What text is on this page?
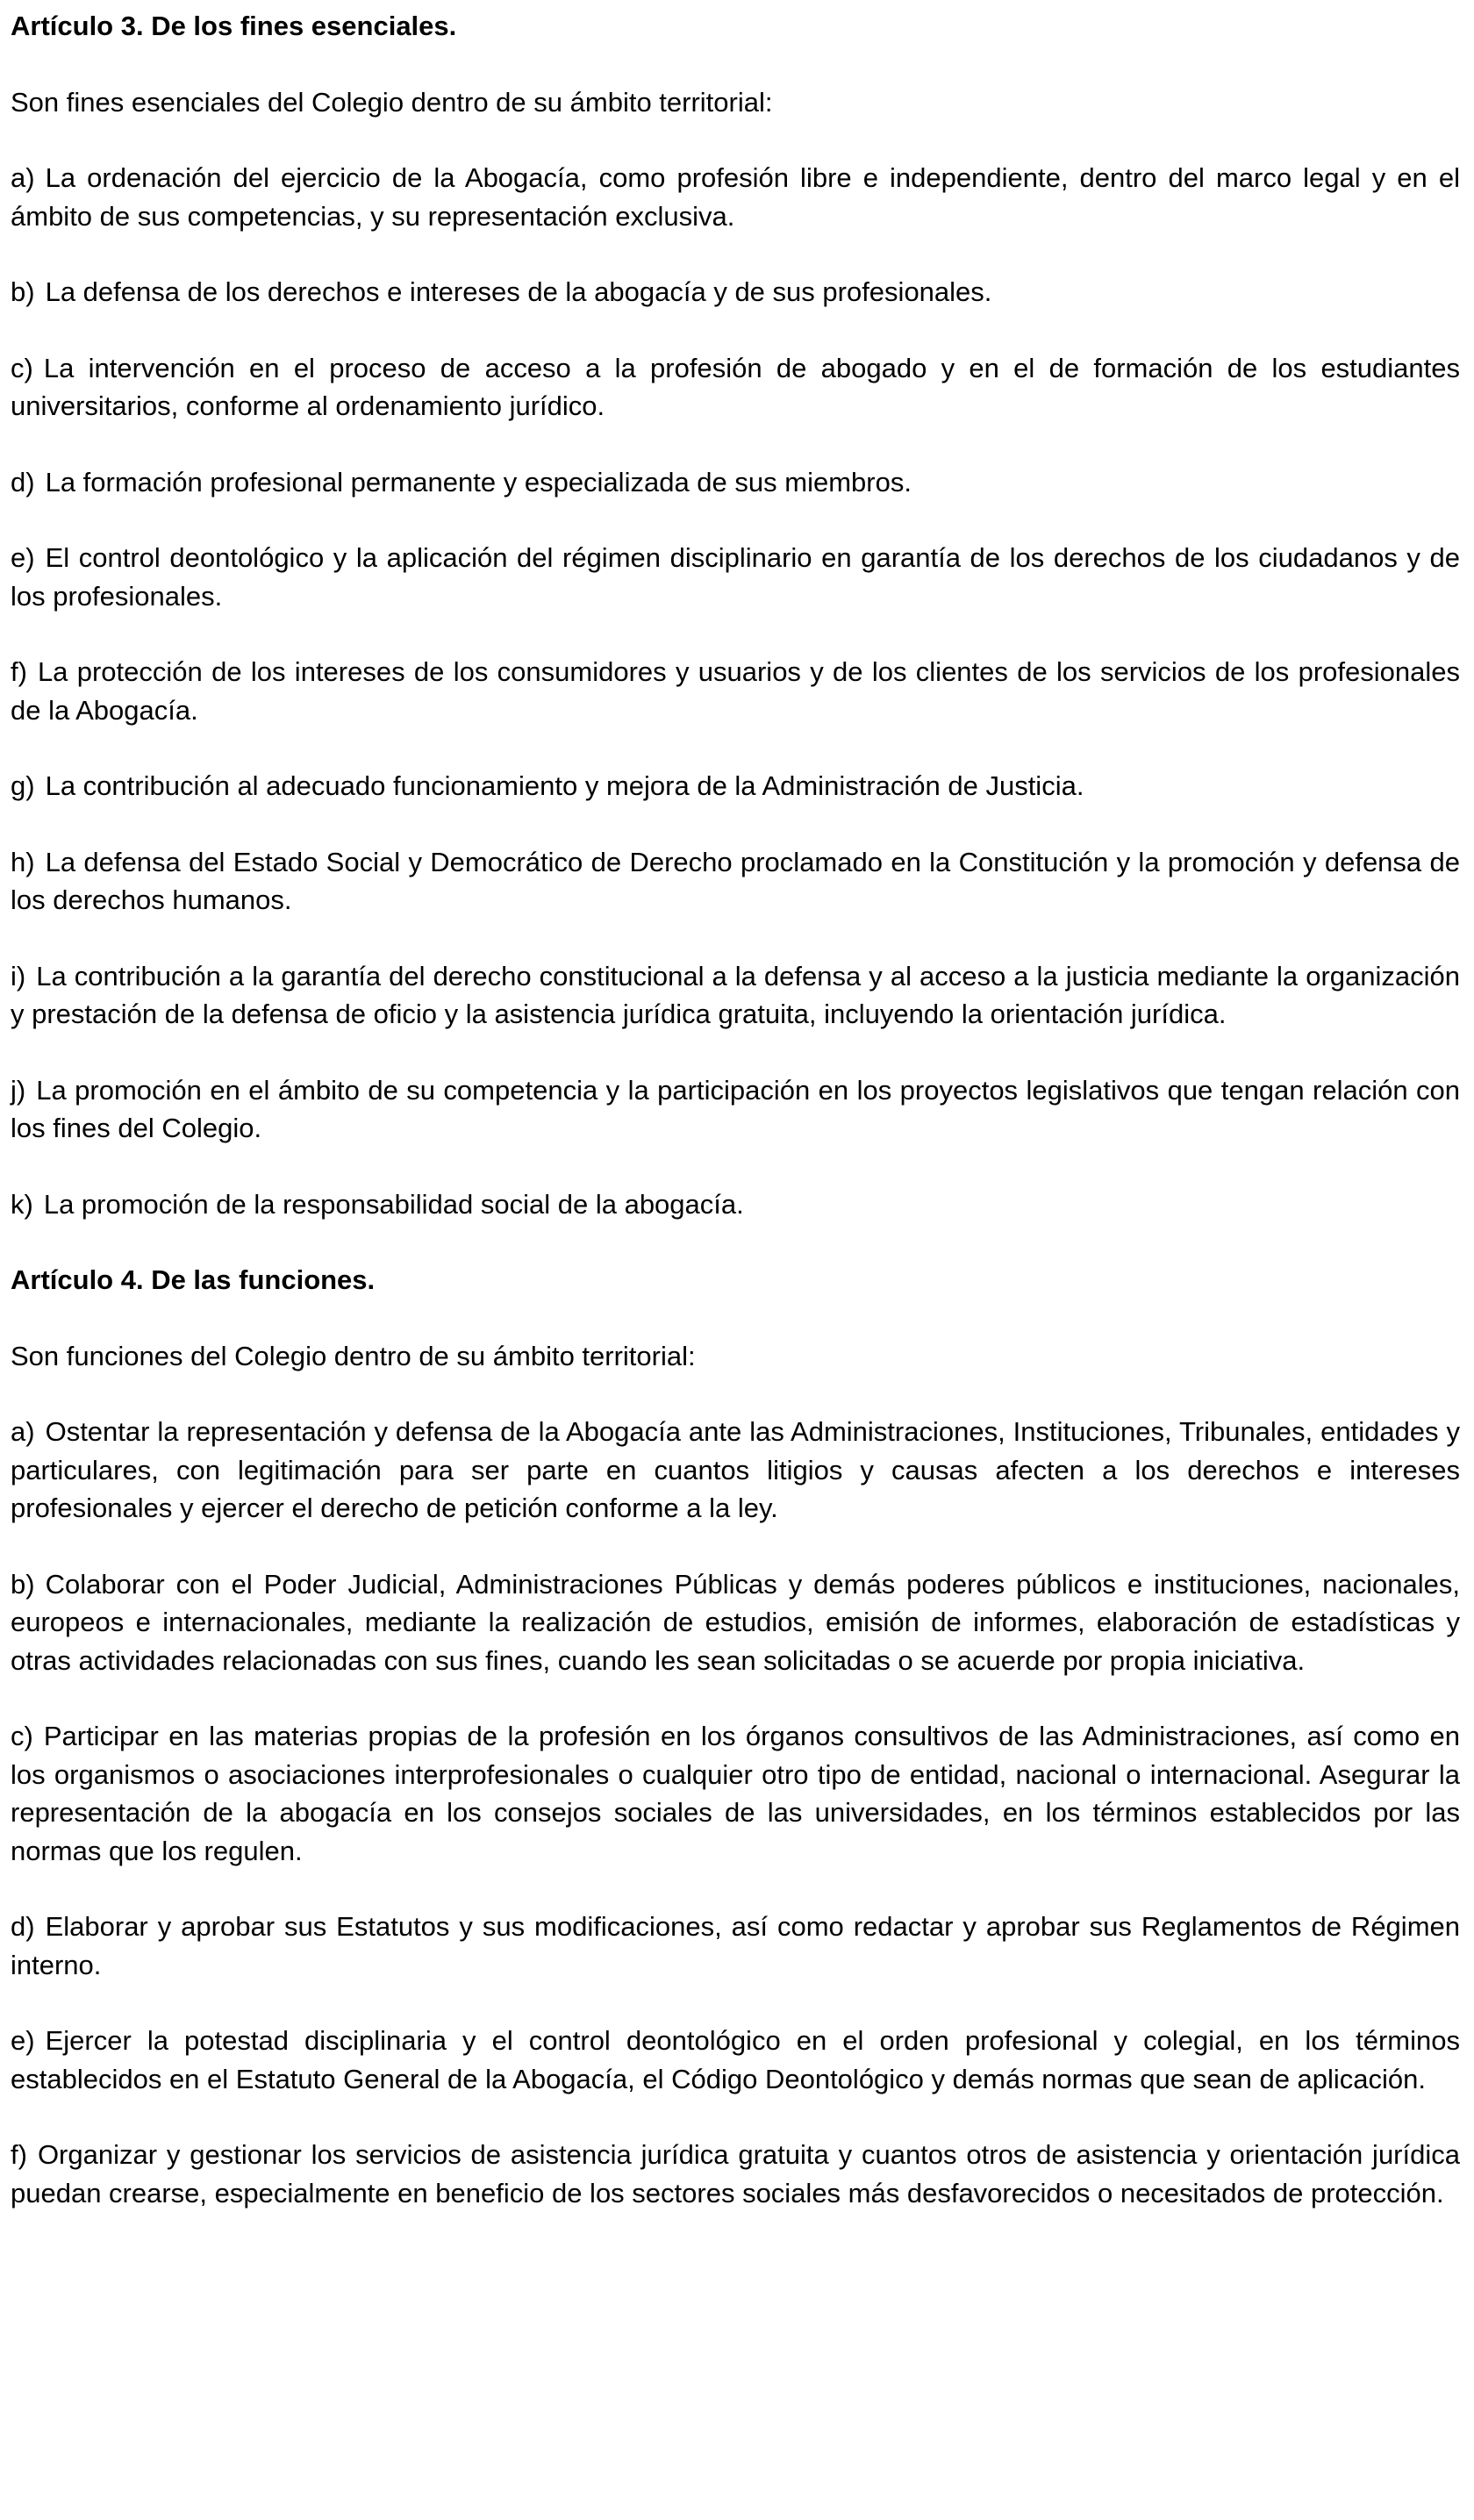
Artículo 3. De los fines esenciales.
Son fines esenciales del Colegio dentro de su ámbito territorial:
a) La ordenación del ejercicio de la Abogacía, como profesión libre e independiente, dentro del marco legal y en el ámbito de sus competencias, y su representación exclusiva.
b) La defensa de los derechos e intereses de la abogacía y de sus profesionales.
c) La intervención en el proceso de acceso a la profesión de abogado y en el de formación de los estudiantes universitarios, conforme al ordenamiento jurídico.
d) La formación profesional permanente y especializada de sus miembros.
e) El control deontológico y la aplicación del régimen disciplinario en garantía de los derechos de los ciudadanos y de los profesionales.
f) La protección de los intereses de los consumidores y usuarios y de los clientes de los servicios de los profesionales de la Abogacía.
g) La contribución al adecuado funcionamiento y mejora de la Administración de Justicia.
h) La defensa del Estado Social y Democrático de Derecho proclamado en la Constitución y la promoción y defensa de los derechos humanos.
i) La contribución a la garantía del derecho constitucional a la defensa y al acceso a la justicia mediante la organización y prestación de la defensa de oficio y la asistencia jurídica gratuita, incluyendo la orientación jurídica.
j) La promoción en el ámbito de su competencia y la participación en los proyectos legislativos que tengan relación con los fines del Colegio.
k) La promoción de la responsabilidad social de la abogacía.
Artículo 4. De las funciones.
Son funciones del Colegio dentro de su ámbito territorial:
a) Ostentar la representación y defensa de la Abogacía ante las Administraciones, Instituciones, Tribunales, entidades y particulares, con legitimación para ser parte en cuantos litigios y causas afecten a los derechos e intereses profesionales y ejercer el derecho de petición conforme a la ley.
b) Colaborar con el Poder Judicial, Administraciones Públicas y demás poderes públicos e instituciones, nacionales, europeos e internacionales, mediante la realización de estudios, emisión de informes, elaboración de estadísticas y otras actividades relacionadas con sus fines, cuando les sean solicitadas o se acuerde por propia iniciativa.
c) Participar en las materias propias de la profesión en los órganos consultivos de las Administraciones, así como en los organismos o asociaciones interprofesionales o cualquier otro tipo de entidad, nacional o internacional. Asegurar la representación de la abogacía en los consejos sociales de las universidades, en los términos establecidos por las normas que los regulen.
d) Elaborar y aprobar sus Estatutos y sus modificaciones, así como redactar y aprobar sus Reglamentos de Régimen interno.
e) Ejercer la potestad disciplinaria y el control deontológico en el orden profesional y colegial, en los términos establecidos en el Estatuto General de la Abogacía, el Código Deontológico y demás normas que sean de aplicación.
f) Organizar y gestionar los servicios de asistencia jurídica gratuita y cuantos otros de asistencia y orientación jurídica puedan crearse, especialmente en beneficio de los sectores sociales más desfavorecidos o necesitados de protección.
